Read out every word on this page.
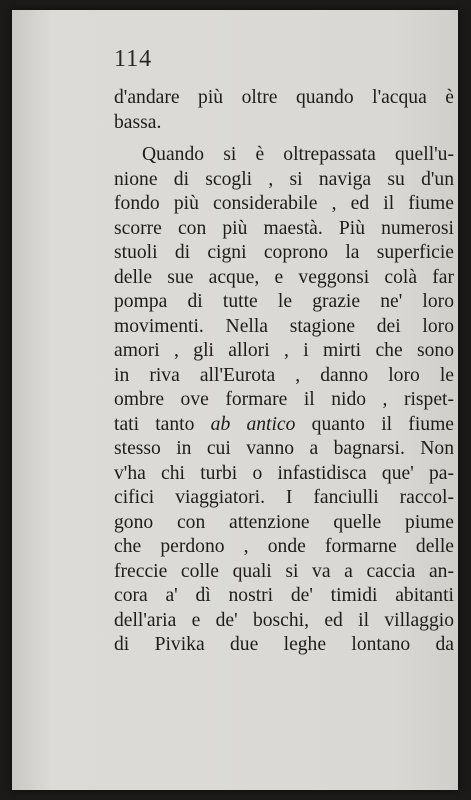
114
d'andare più oltre quando l'acqua è
bassa.
Quando si è oltrepassata quell'u-
nione di scogli , si naviga su d'un
fondo più considerabile , ed il fiume
scorre con più maestà. Più numerosi
stuoli di cigni coprono la superficie
delle sue acque, e veggonsi colà far
pompa di tutte le grazie ne' loro
movimenti. Nella stagione dei loro
amori , gli allori , i mirti che sono
in riva all'Eurota , danno loro le
ombre ove formare il nido , rispet-
tati tanto ab antico quanto il fiume
stesso in cui vanno a bagnarsi. Non
v'ha chi turbi o infastidisca que' pa-
cifici viaggiatori. I fanciulli raccol-
gono con attenzione quelle piume
che perdono , onde formarne delle
freccie colle quali si va a caccia an-
cora a' dì nostri de' timidi abitanti
dell'aria e de' boschi, ed il villaggio
di Pivika due leghe lontano da
